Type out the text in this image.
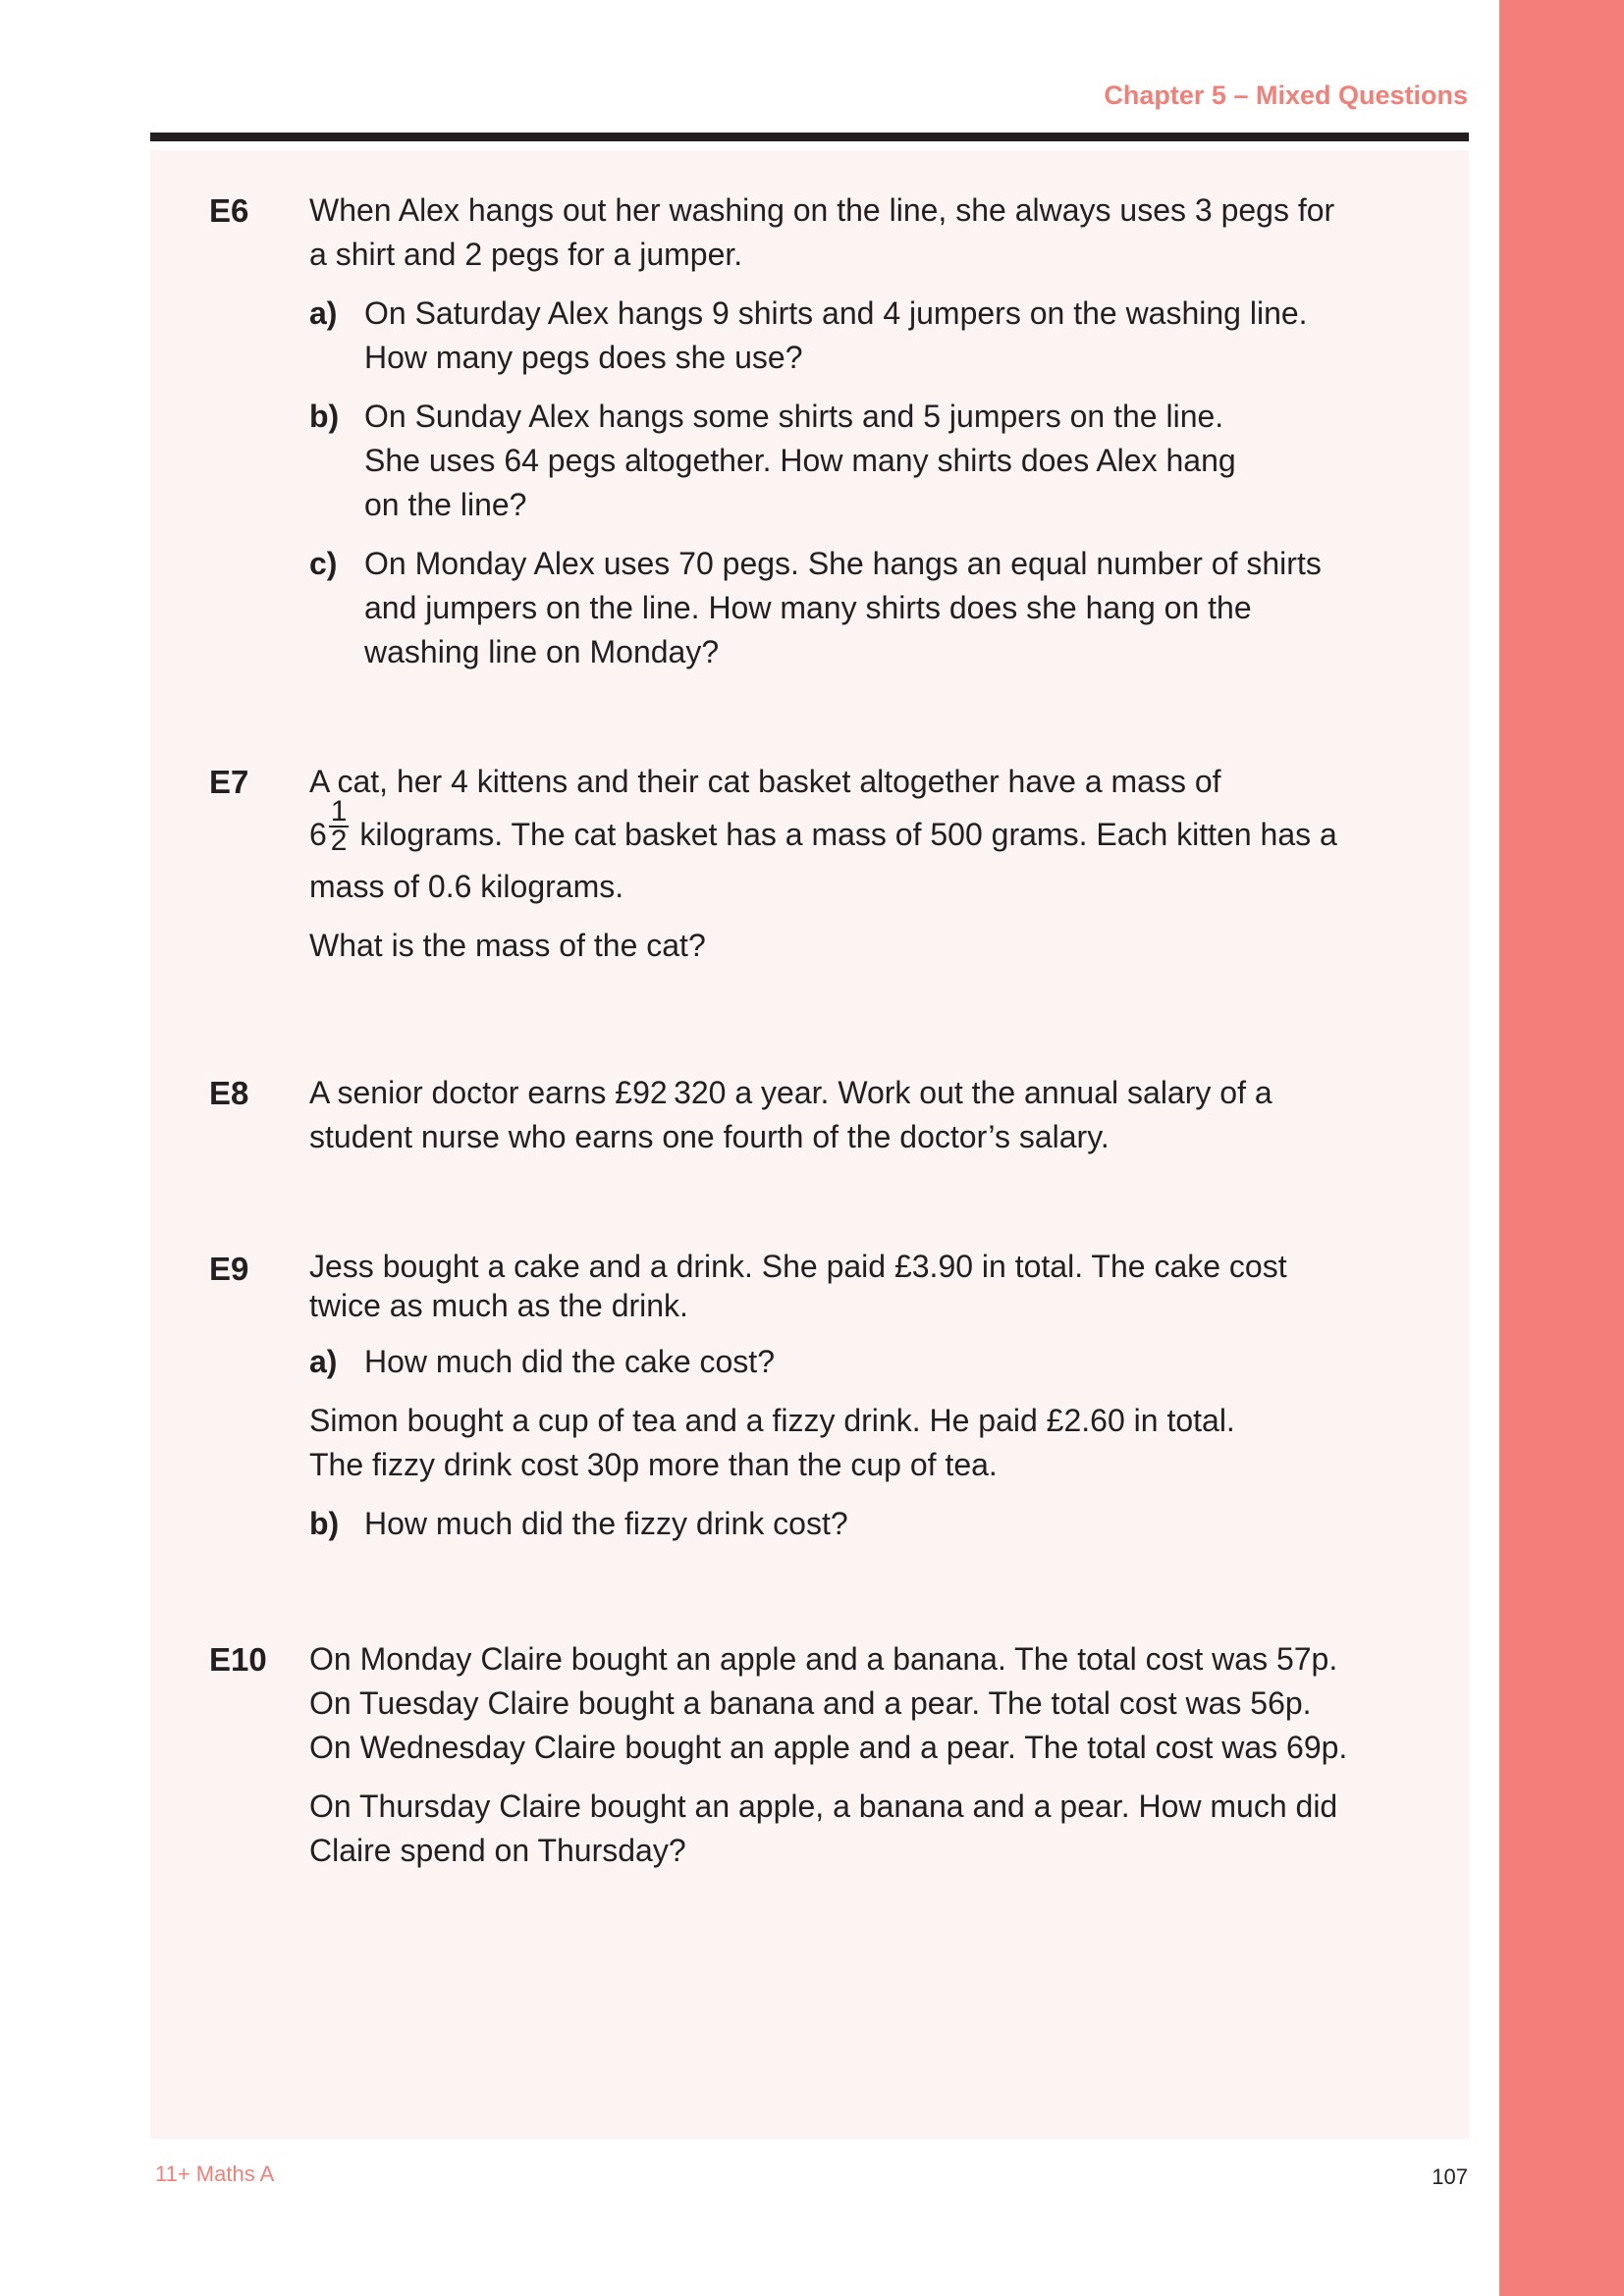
Chapter 5 – Mixed Questions
E6 When Alex hangs out her washing on the line, she always uses 3 pegs for
a shirt and 2 pegs for a jumper.
a) On Saturday Alex hangs 9 shirts and 4 jumpers on the washing line.
How many pegs does she use?
b) On Sunday Alex hangs some shirts and 5 jumpers on the line.
She uses 64 pegs altogether. How many shirts does Alex hang
on the line?
c) On Monday Alex uses 70 pegs. She hangs an equal number of shirts
and jumpers on the line. How many shirts does she hang on the
washing line on Monday?
E7 A cat, her 4 kittens and their cat basket altogether have a mass of
$6 \frac{1}{2}$ kilograms. The cat basket has a mass of 500 grams. Each kitten has a
mass of 0.6 kilograms.
What is the mass of the cat?
E8 A senior doctor earns £92 320 a year. Work out the annual salary of a
student nurse who earns one fourth of the doctor’s salary.
E9 Jess bought a cake and a drink. She paid £3.90 in total. The cake cost
twice as much as the drink.
a) How much did the cake cost?
Simon bought a cup of tea and a fizzy drink. He paid £2.60 in total.
The fizzy drink cost 30p more than the cup of tea.
b) How much did the fizzy drink cost?
E10 On Monday Claire bought an apple and a banana. The total cost was 57p.
On Tuesday Claire bought a banana and a pear. The total cost was 56p.
On Wednesday Claire bought an apple and a pear. The total cost was 69p.
On Thursday Claire bought an apple, a banana and a pear. How much did
Claire spend on Thursday?
11+ Maths A	107
